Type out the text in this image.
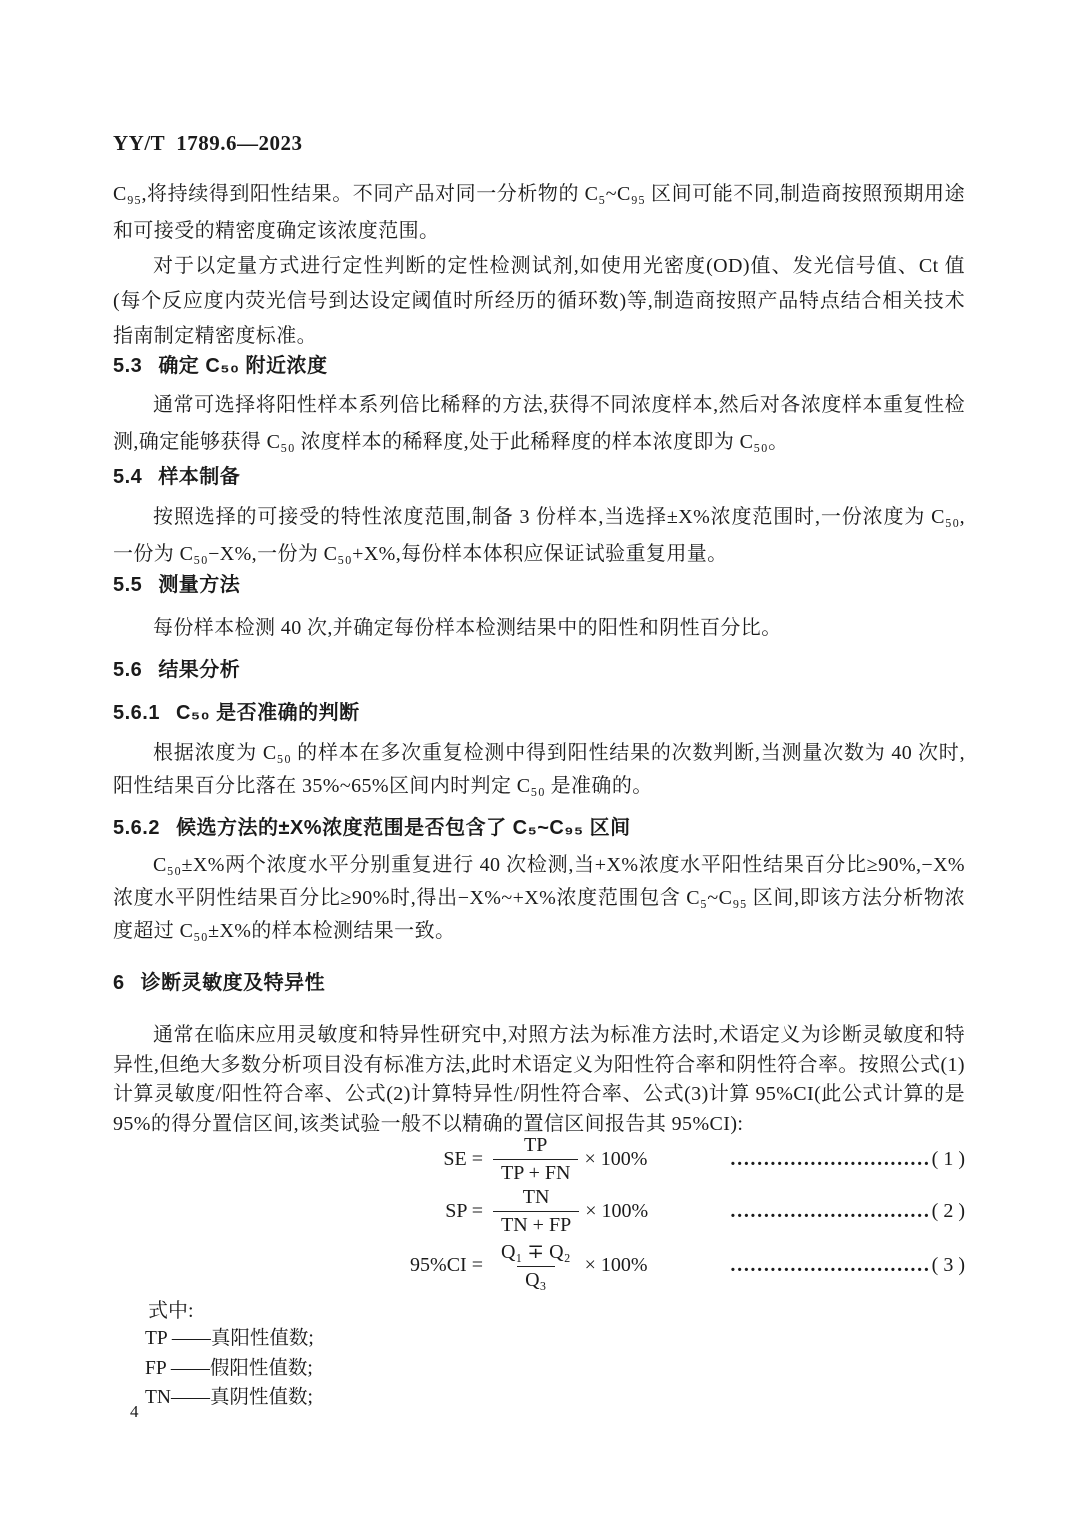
YY/T  1789.6—2023
C₉₅,将持续得到阳性结果。不同产品对同一分析物的 C₅~C₉₅ 区间可能不同,制造商按照预期用途和可接受的精密度确定该浓度范围。
对于以定量方式进行定性判断的定性检测试剂,如使用光密度(OD)值、发光信号值、Ct 值(每个反应度内荧光信号到达设定阈值时所经历的循环数)等,制造商按照产品特点结合相关技术指南制定精密度标准。
5.3 确定 C₅₀ 附近浓度
通常可选择将阳性样本系列倍比稀释的方法,获得不同浓度样本,然后对各浓度样本重复性检测,确定能够获得 C₅₀ 浓度样本的稀释度,处于此稀释度的样本浓度即为 C₅₀。
5.4 样本制备
按照选择的可接受的特性浓度范围,制备 3 份样本,当选择±X%浓度范围时,一份浓度为 C₅₀,一份为 C₅₀−X%,一份为 C₅₀+X%,每份样本体积应保证试验重复用量。
5.5 测量方法
每份样本检测 40 次,并确定每份样本检测结果中的阳性和阴性百分比。
5.6 结果分析
5.6.1 C₅₀ 是否准确的判断
根据浓度为 C₅₀ 的样本在多次重复检测中得到阳性结果的次数判断,当测量次数为 40 次时,阳性结果百分比落在 35%~65%区间内时判定 C₅₀ 是准确的。
5.6.2 候选方法的±X%浓度范围是否包含了 C₅~C₉₅ 区间
C₅₀±X%两个浓度水平分别重复进行 40 次检测,当+X%浓度水平阳性结果百分比≥90%,−X%浓度水平阴性结果百分比≥90%时,得出−X%~+X%浓度范围包含 C₅~C₉₅ 区间,即该方法分析物浓度超过 C₅₀±X%的样本检测结果一致。
6 诊断灵敏度及特异性
通常在临床应用灵敏度和特异性研究中,对照方法为标准方法时,术语定义为诊断灵敏度和特异性,但绝大多数分析项目没有标准方法,此时术语定义为阳性符合率和阴性符合率。按照公式(1)计算灵敏度/阳性符合率、公式(2)计算特异性/阴性符合率、公式(3)计算 95%CI(此公式计算的是 95%的得分置信区间,该类试验一般不以精确的置信区间报告其 95%CI):
SE = $\frac{TP}{TP + FN} \times 100\%$	………………………… ( 1 )
SP = $\frac{TN}{TN + FP} \times 100\%$	………………………… ( 2 )
$95\%CI = \frac{\text{Q₁ ∓ Q₂}}{\text{Q₃}} \times 100\%$	………………………… ( 3 )
式中:
TP ——真阳性值数;
FP ——假阳性值数;
TN——真阴性值数;
4
